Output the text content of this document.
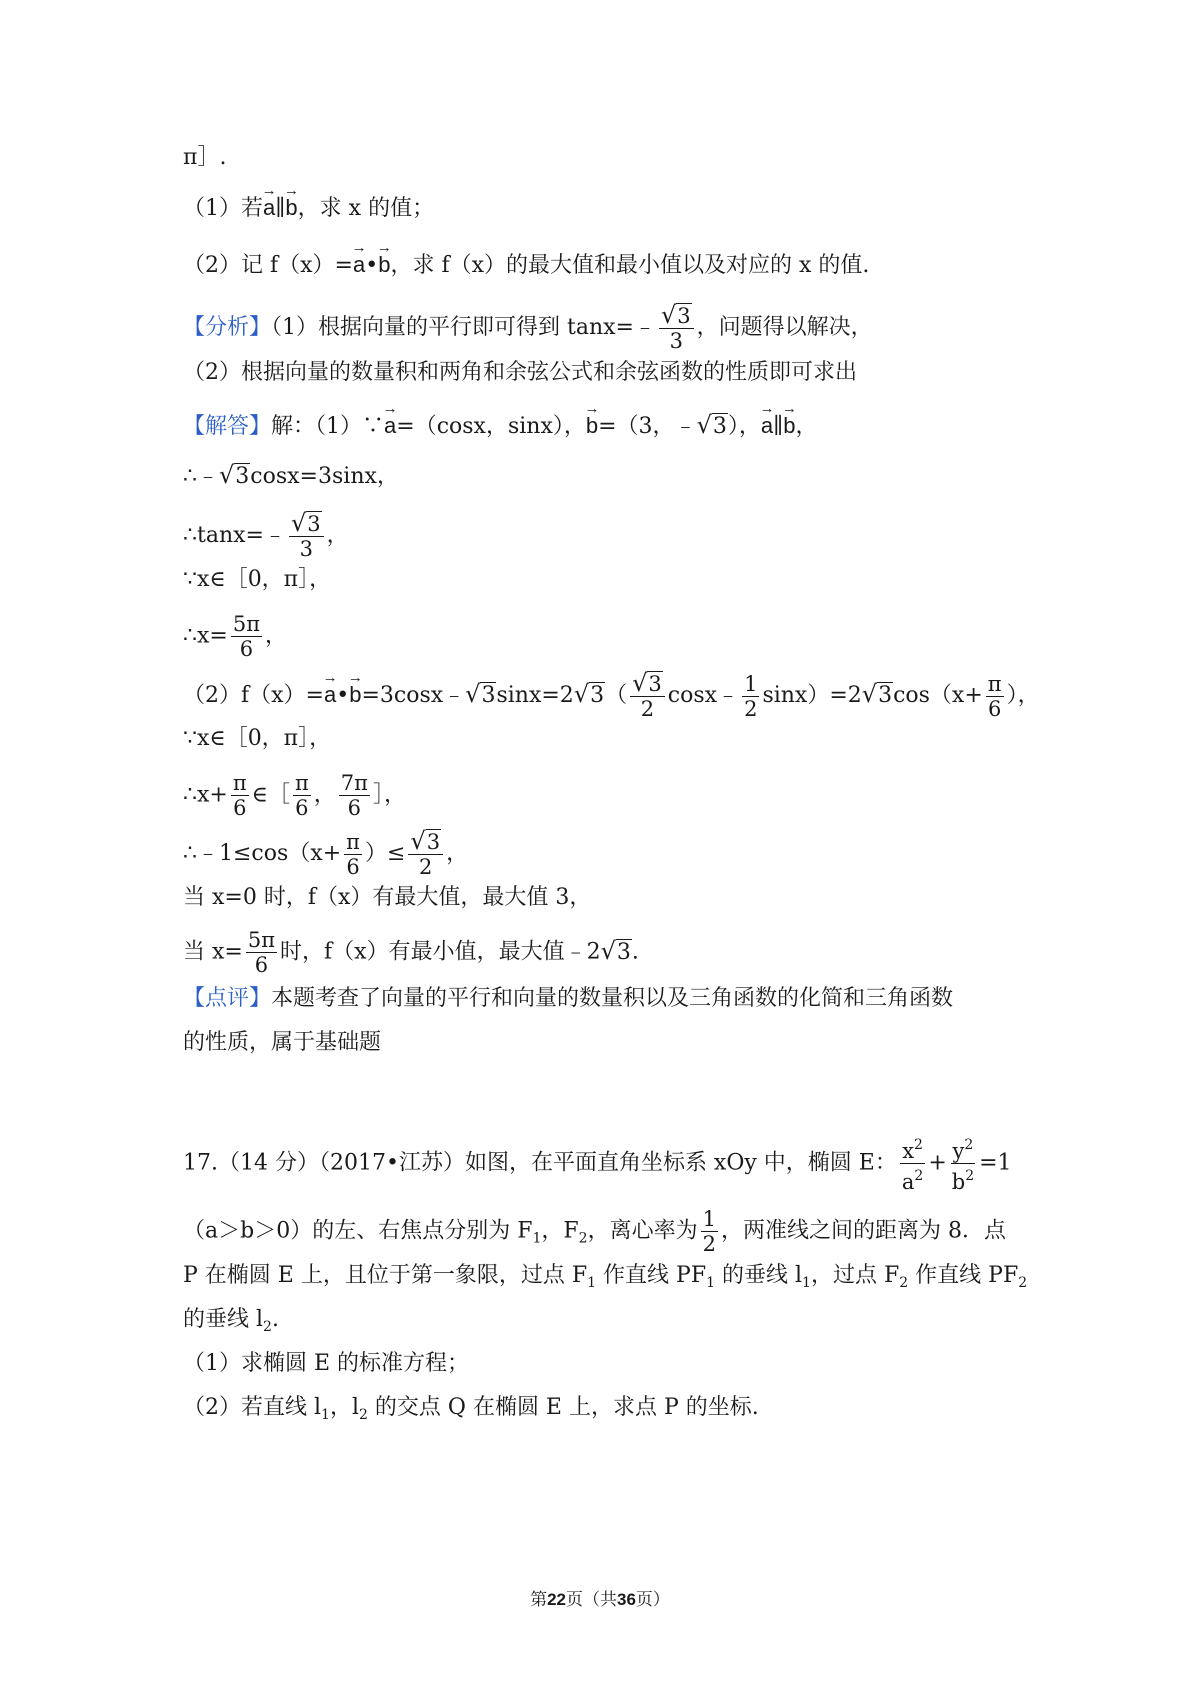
π］.
（1）若→ a∥→ b，求 x 的值；
（2）记 f（x）=→ a•→ b，求 f（x）的最大值和最小值以及对应的 x 的值.
【分析】（1）根据向量的平行即可得到 tanx=﹣ $\frac{√3}{3}$ ，问题得以解决，
（2）根据向量的数量积和两角和余弦公式和余弦函数的性质即可求出
【解答】解：（1）∵→ a=（cosx，sinx），→ b=（3，﹣√3），→ a∥→ b，
∴﹣√3cosx=3sinx，
∴tanx=﹣ $\frac{√3}{3}$ ，
∵x∈［0，π］，
∴x= $\frac{5\pi}{6}$ ，
（2）f（x）=→ a•→ b=3cosx﹣√3sinx=2√3（ $\frac{√3}{2}$ cosx﹣ $\frac{1}{2} \sin x)=2√3\cos(x+ \frac{\pi}{6}$ ），
∵x∈［0，π］，
∴x+ $\frac{\pi}{6}$ ∈［ $\frac{\pi}{6}$ ， $\frac{7\pi}{6}$ ］，
∴﹣1≤cos（x+ $\frac{\pi}{6}$ ）≤ $\frac{√3}{2}$ ，
当 x=0 时，f（x）有最大值，最大值 3，
当 $x= \frac{5\pi}{6}$ 时，f（x）有最小值，最大值﹣2√3.
【点评】本题考查了向量的平行和向量的数量积以及三角函数的化简和三角函数
的性质，属于基础题
17.（14 分）（2017•江苏）如图，在平面直角坐标系 xOy 中，椭圆 E： $\frac{x^2}{a^2} + \frac{y^2}{b^2} =1$
（a＞b＞0）的左、右焦点分别为 $F_1$，$F_2$，离心率为 $\frac{1}{2}$ ，两准线之间的距离为 8．点
P 在椭圆 E 上，且位于第一象限，过点 $F_1$ 作直线 $PF_1$ 的垂线 $l_1$，过点 $F_2$ 作直线 $PF_2$
的垂线 $l_2$.
（1）求椭圆 E 的标准方程；
（2）若直线 $l_1$，$l_2$ 的交点 Q 在椭圆 E 上，求点 P 的坐标.
第22页（共36页）
